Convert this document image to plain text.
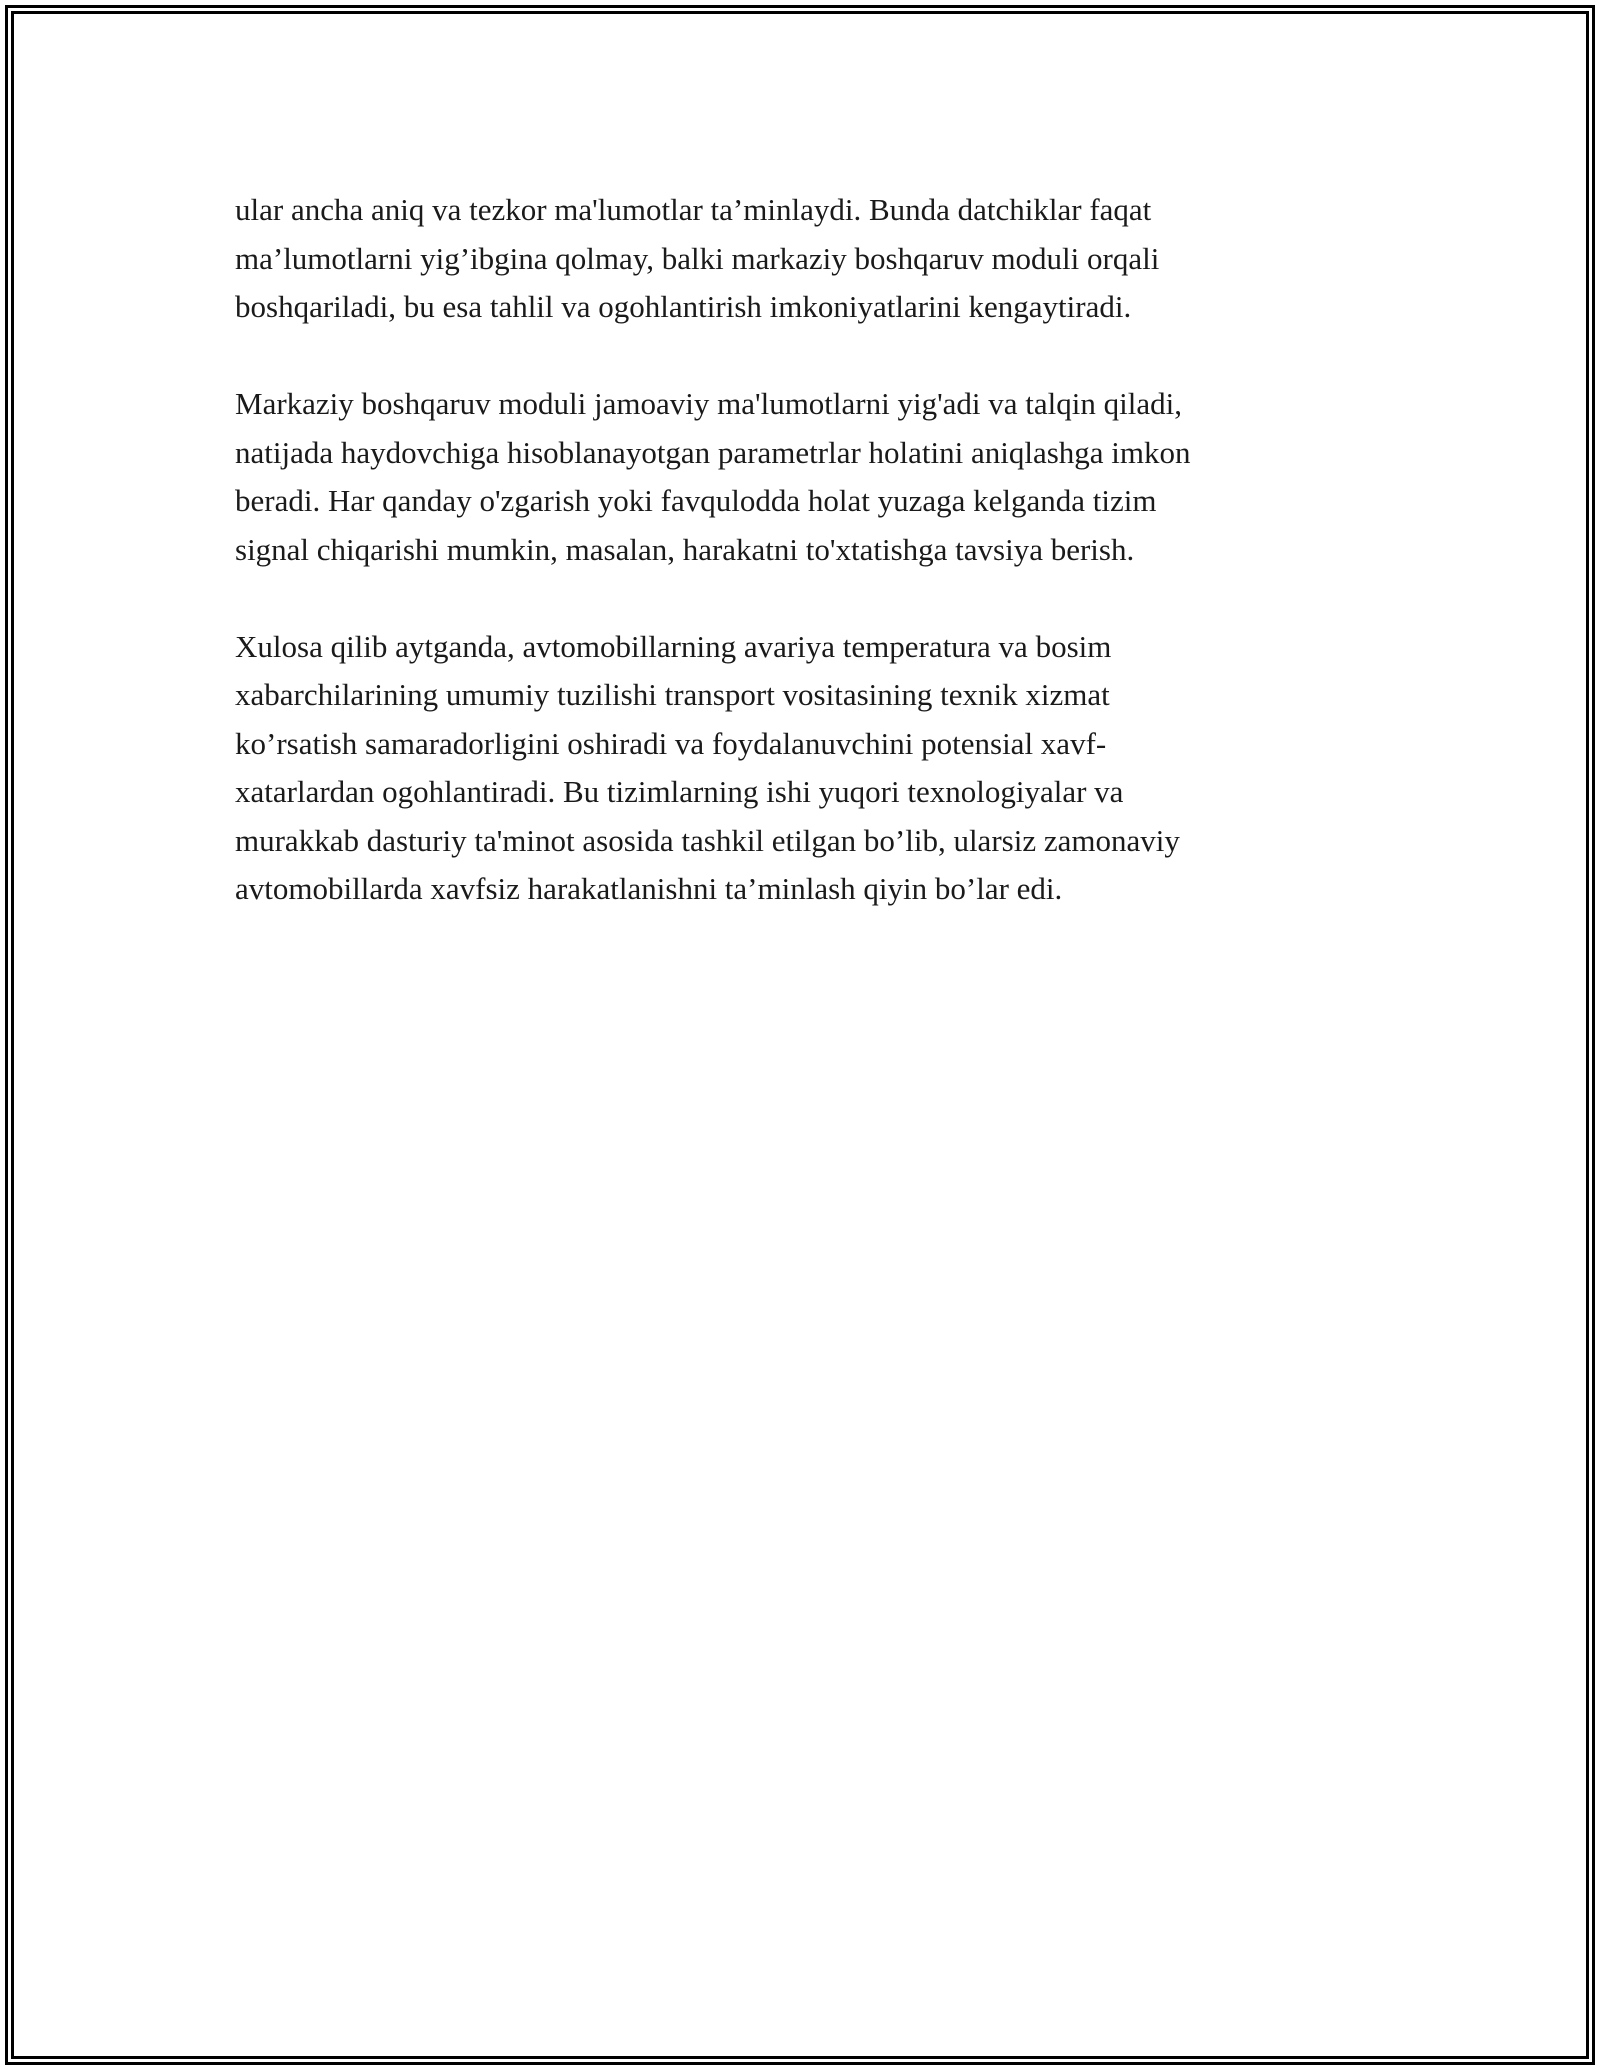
ular ancha aniq va tezkor ma'lumotlar ta’minlaydi. Bunda datchiklar faqat
ma’lumotlarni yig’ibgina qolmay, balki markaziy boshqaruv moduli orqali
boshqariladi, bu esa tahlil va ogohlantirish imkoniyatlarini kengaytiradi.

Markaziy boshqaruv moduli jamoaviy ma'lumotlarni yig'adi va talqin qiladi,
natijada haydovchiga hisoblanayotgan parametrlar holatini aniqlashga imkon
beradi. Har qanday o'zgarish yoki favqulodda holat yuzaga kelganda tizim
signal chiqarishi mumkin, masalan, harakatni to'xtatishga tavsiya berish.

Xulosa qilib aytganda, avtomobillarning avariya temperatura va bosim
xabarchilarining umumiy tuzilishi transport vositasining texnik xizmat
ko’rsatish samaradorligini oshiradi va foydalanuvchini potensial xavf-
xatarlardan ogohlantiradi. Bu tizimlarning ishi yuqori texnologiyalar va
murakkab dasturiy ta'minot asosida tashkil etilgan bo’lib, ularsiz zamonaviy
avtomobillarda xavfsiz harakatlanishni ta’minlash qiyin bo’lar edi.
